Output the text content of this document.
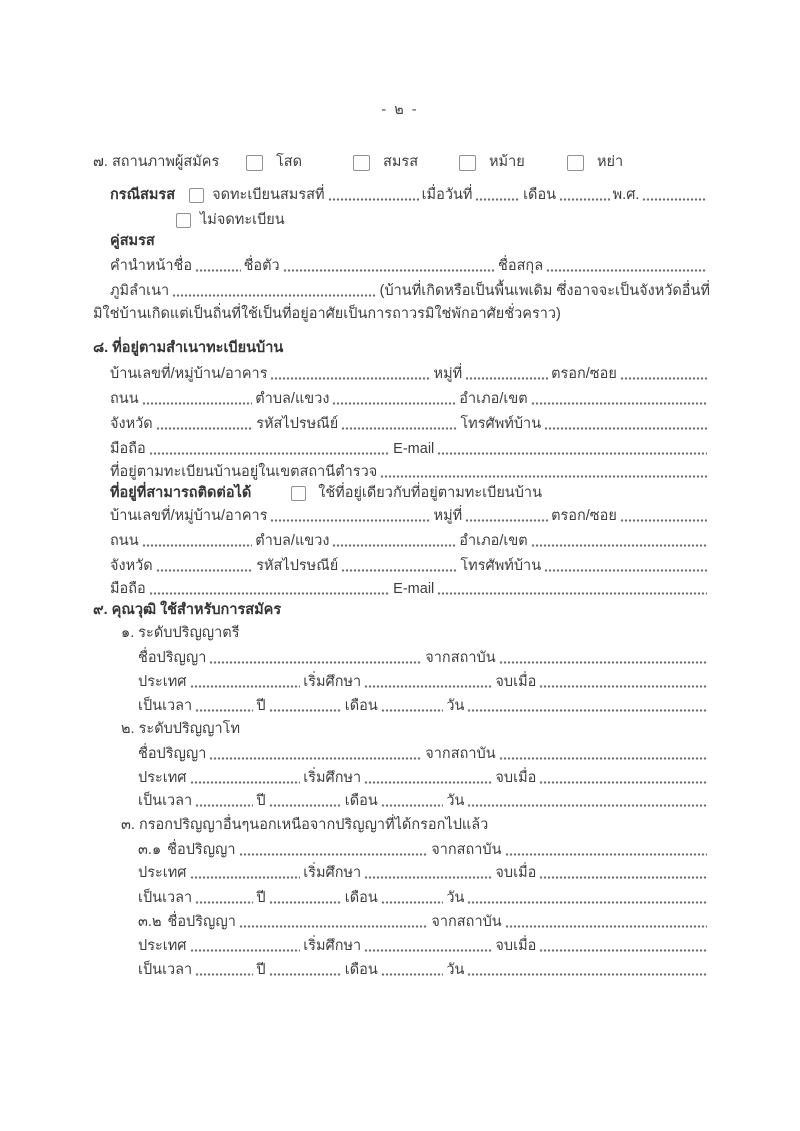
- ๒ -
๗. สถานภาพผู้สมัคร	โสด	สมรส	หม้าย	หย่า
กรณีสมรส	จดทะเบียนสมรสที่	เมื่อวันที่	เดือน	พ.ศ.
ไม่จดทะเบียน
คู่สมรส
คำนำหน้าชื่อ	ชื่อตัว	ชื่อสกุล
ภูมิลำเนา	(บ้านที่เกิดหรือเป็นพื้นเพเดิม ซึ่งอาจจะเป็นจังหวัดอื่นที่
มิใช่บ้านเกิดแต่เป็นถิ่นที่ใช้เป็นที่อยู่อาศัยเป็นการถาวรมิใช่พักอาศัยชั่วคราว)
๘. ที่อยู่ตามสำเนาทะเบียนบ้าน
บ้านเลขที่/หมู่บ้าน/อาคาร	หมู่ที่	ตรอก/ซอย
ถนน	ตำบล/แขวง	อำเภอ/เขต
จังหวัด	รหัสไปรษณีย์	โทรศัพท์บ้าน
มือถือ	E-mail
ที่อยู่ตามทะเบียนบ้านอยู่ในเขตสถานีตำรวจ
ที่อยู่ที่สามารถติดต่อได้	ใช้ที่อยู่เดียวกับที่อยู่ตามทะเบียนบ้าน
บ้านเลขที่/หมู่บ้าน/อาคาร	หมู่ที่	ตรอก/ซอย
ถนน	ตำบล/แขวง	อำเภอ/เขต
จังหวัด	รหัสไปรษณีย์	โทรศัพท์บ้าน
มือถือ	E-mail
๙. คุณวุฒิ ใช้สำหรับการสมัคร
๑. ระดับปริญญาตรี
ชื่อปริญญา	จากสถาบัน
ประเทศ	เริ่มศึกษา	จบเมื่อ
เป็นเวลา	ปี	เดือน	วัน
๒. ระดับปริญญาโท
ชื่อปริญญา	จากสถาบัน
ประเทศ	เริ่มศึกษา	จบเมื่อ
เป็นเวลา	ปี	เดือน	วัน
๓. กรอกปริญญาอื่นๆนอกเหนือจากปริญญาที่ได้กรอกไปแล้ว
๓.๑ ชื่อปริญญา	จากสถาบัน
ประเทศ	เริ่มศึกษา	จบเมื่อ
เป็นเวลา	ปี	เดือน	วัน
๓.๒ ชื่อปริญญา	จากสถาบัน
ประเทศ	เริ่มศึกษา	จบเมื่อ
เป็นเวลา	ปี	เดือน	วัน
